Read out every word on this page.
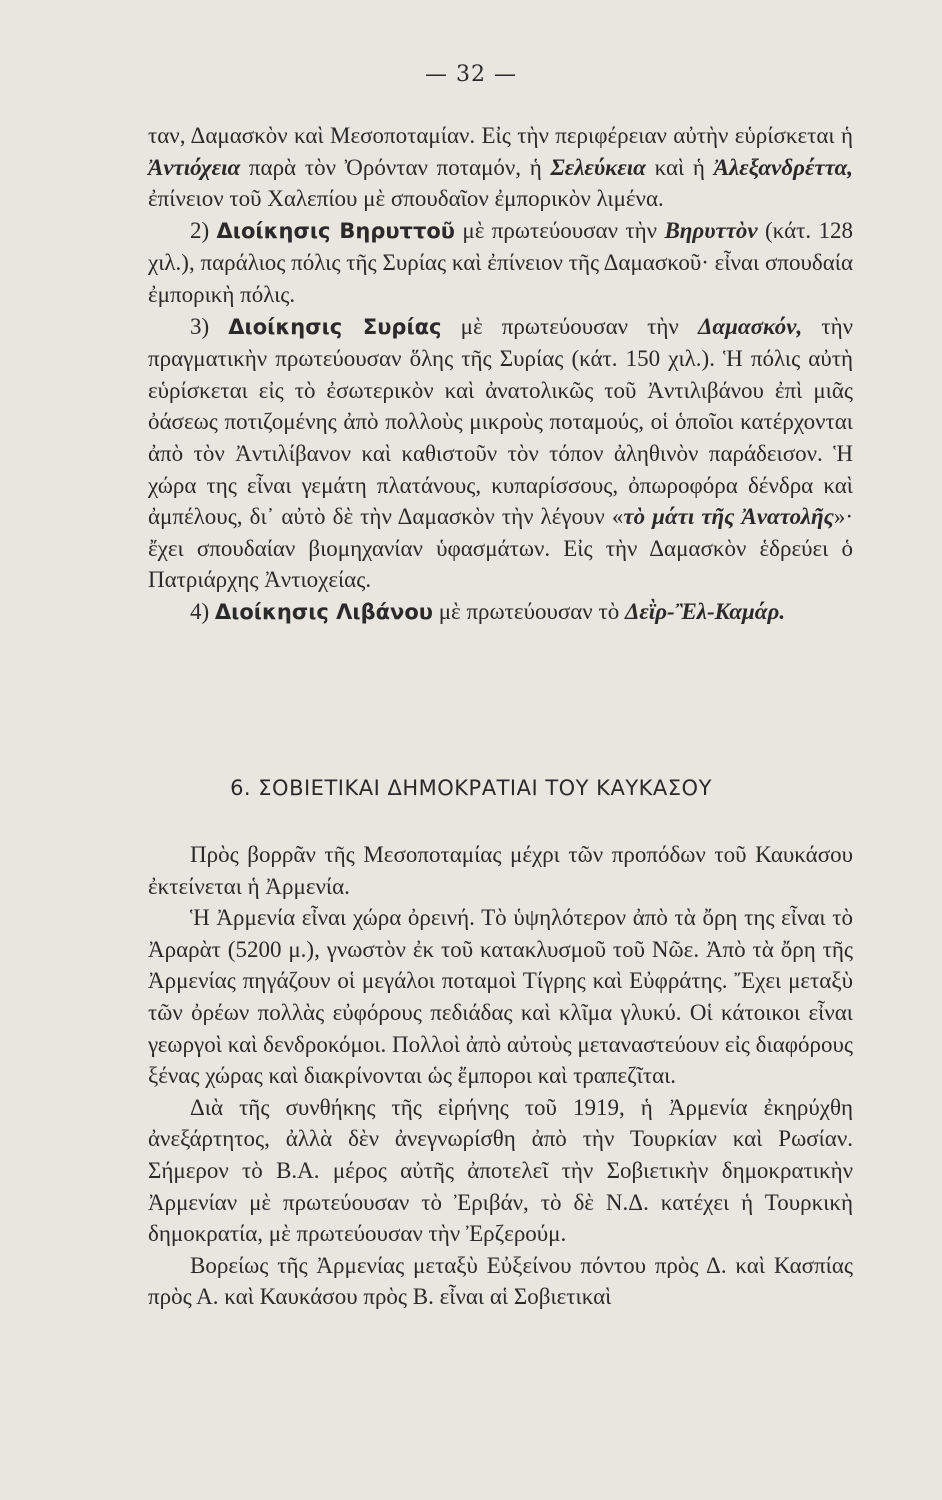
— 32 —

ταν, Δαμασκὸν καὶ Μεσοποταμίαν. Εἰς τὴν περιφέρειαν αὐτὴν εὑρίσκεται ἡ Ἀντιόχεια παρὰ τὸν Ὀρόνταν ποταμόν, ἡ Σελεύκεια καὶ ἡ Ἀλεξανδρέττα, ἐπίνειον τοῦ Χαλεπίου μὲ σπουδαῖον ἐμπορικὸν λιμένα.

2) Διοίκησις Βηρυττοῦ μὲ πρωτεύουσαν τὴν Βηρυττὸν (κάτ. 128 χιλ.), παράλιος πόλις τῆς Συρίας καὶ ἐπίνειον τῆς Δαμασκοῦ· εἶναι σπουδαία ἐμπορικὴ πόλις.

3) Διοίκησις Συρίας μὲ πρωτεύουσαν τὴν Δαμασκόν, τὴν πραγματικὴν πρωτεύουσαν ὅλης τῆς Συρίας (κάτ. 150 χιλ.). Ἡ πόλις αὐτὴ εὑρίσκεται εἰς τὸ ἐσωτερικὸν καὶ ἀνατολικῶς τοῦ Ἀντιλιβάνου ἐπὶ μιᾶς ὀάσεως ποτιζομένης ἀπὸ πολλοὺς μικροὺς ποταμούς, οἱ ὁποῖοι κατέρχονται ἀπὸ τὸν Ἀντιλίβανον καὶ καθιστοῦν τὸν τόπον ἀληθινὸν παράδεισον. Ἡ χώρα της εἶναι γεμάτη πλατάνους, κυπαρίσσους, ὀπωροφόρα δένδρα καὶ ἀμπέλους, δι᾿ αὐτὸ δὲ τὴν Δαμασκὸν τὴν λέγουν «τὸ μάτι τῆς Ἀνατολῆς»· ἔχει σπουδαίαν βιομηχανίαν ὑφασμάτων. Εἰς τὴν Δαμασκὸν ἑδρεύει ὁ Πατριάρχης Ἀντιοχείας.

4) Διοίκησις Λιβάνου μὲ πρωτεύουσαν τὸ Δεῒρ-Ἒλ-Καμάρ.

6. ΣΟΒΙΕΤΙΚΑΙ ΔΗΜΟΚΡΑΤΙΑΙ ΤΟΥ ΚΑΥΚΑΣΟΥ

Πρὸς βορρᾶν τῆς Μεσοποταμίας μέχρι τῶν προπόδων τοῦ Καυκάσου ἐκτείνεται ἡ Ἀρμενία.

Ἡ Ἀρμενία εἶναι χώρα ὀρεινή. Τὸ ὑψηλότερον ἀπὸ τὰ ὄρη της εἶναι τὸ Ἀραρὰτ (5200 μ.), γνωστὸν ἐκ τοῦ κατακλυσμοῦ τοῦ Νῶε. Ἀπὸ τὰ ὄρη τῆς Ἀρμενίας πηγάζουν οἱ μεγάλοι ποταμοὶ Τίγρης καὶ Εὐφράτης. Ἔχει μεταξὺ τῶν ὀρέων πολλὰς εὐφόρους πεδιάδας καὶ κλῖμα γλυκύ. Οἱ κάτοικοι εἶναι γεωργοὶ καὶ δενδροκόμοι. Πολλοὶ ἀπὸ αὐτοὺς μεταναστεύουν εἰς διαφόρους ξένας χώρας καὶ διακρίνονται ὡς ἔμποροι καὶ τραπεζῖται.

Διὰ τῆς συνθήκης τῆς εἰρήνης τοῦ 1919, ἡ Ἀρμενία ἐκηρύχθη ἀνεξάρτητος, ἀλλὰ δὲν ἀνεγνωρίσθη ἀπὸ τὴν Τουρκίαν καὶ Ρωσίαν. Σήμερον τὸ Β.Α. μέρος αὐτῆς ἀποτελεῖ τὴν Σοβιετικὴν δημοκρατικὴν Ἀρμενίαν μὲ πρωτεύουσαν τὸ Ἐριβάν, τὸ δὲ Ν.Δ. κατέχει ἡ Τουρκικὴ δημοκρατία, μὲ πρωτεύουσαν τὴν Ἐρζερούμ.

Βορείως τῆς Ἀρμενίας μεταξὺ Εὐξείνου πόντου πρὸς Δ. καὶ Κασπίας πρὸς Α. καὶ Καυκάσου πρὸς Β. εἶναι αἱ Σοβιετικαὶ
